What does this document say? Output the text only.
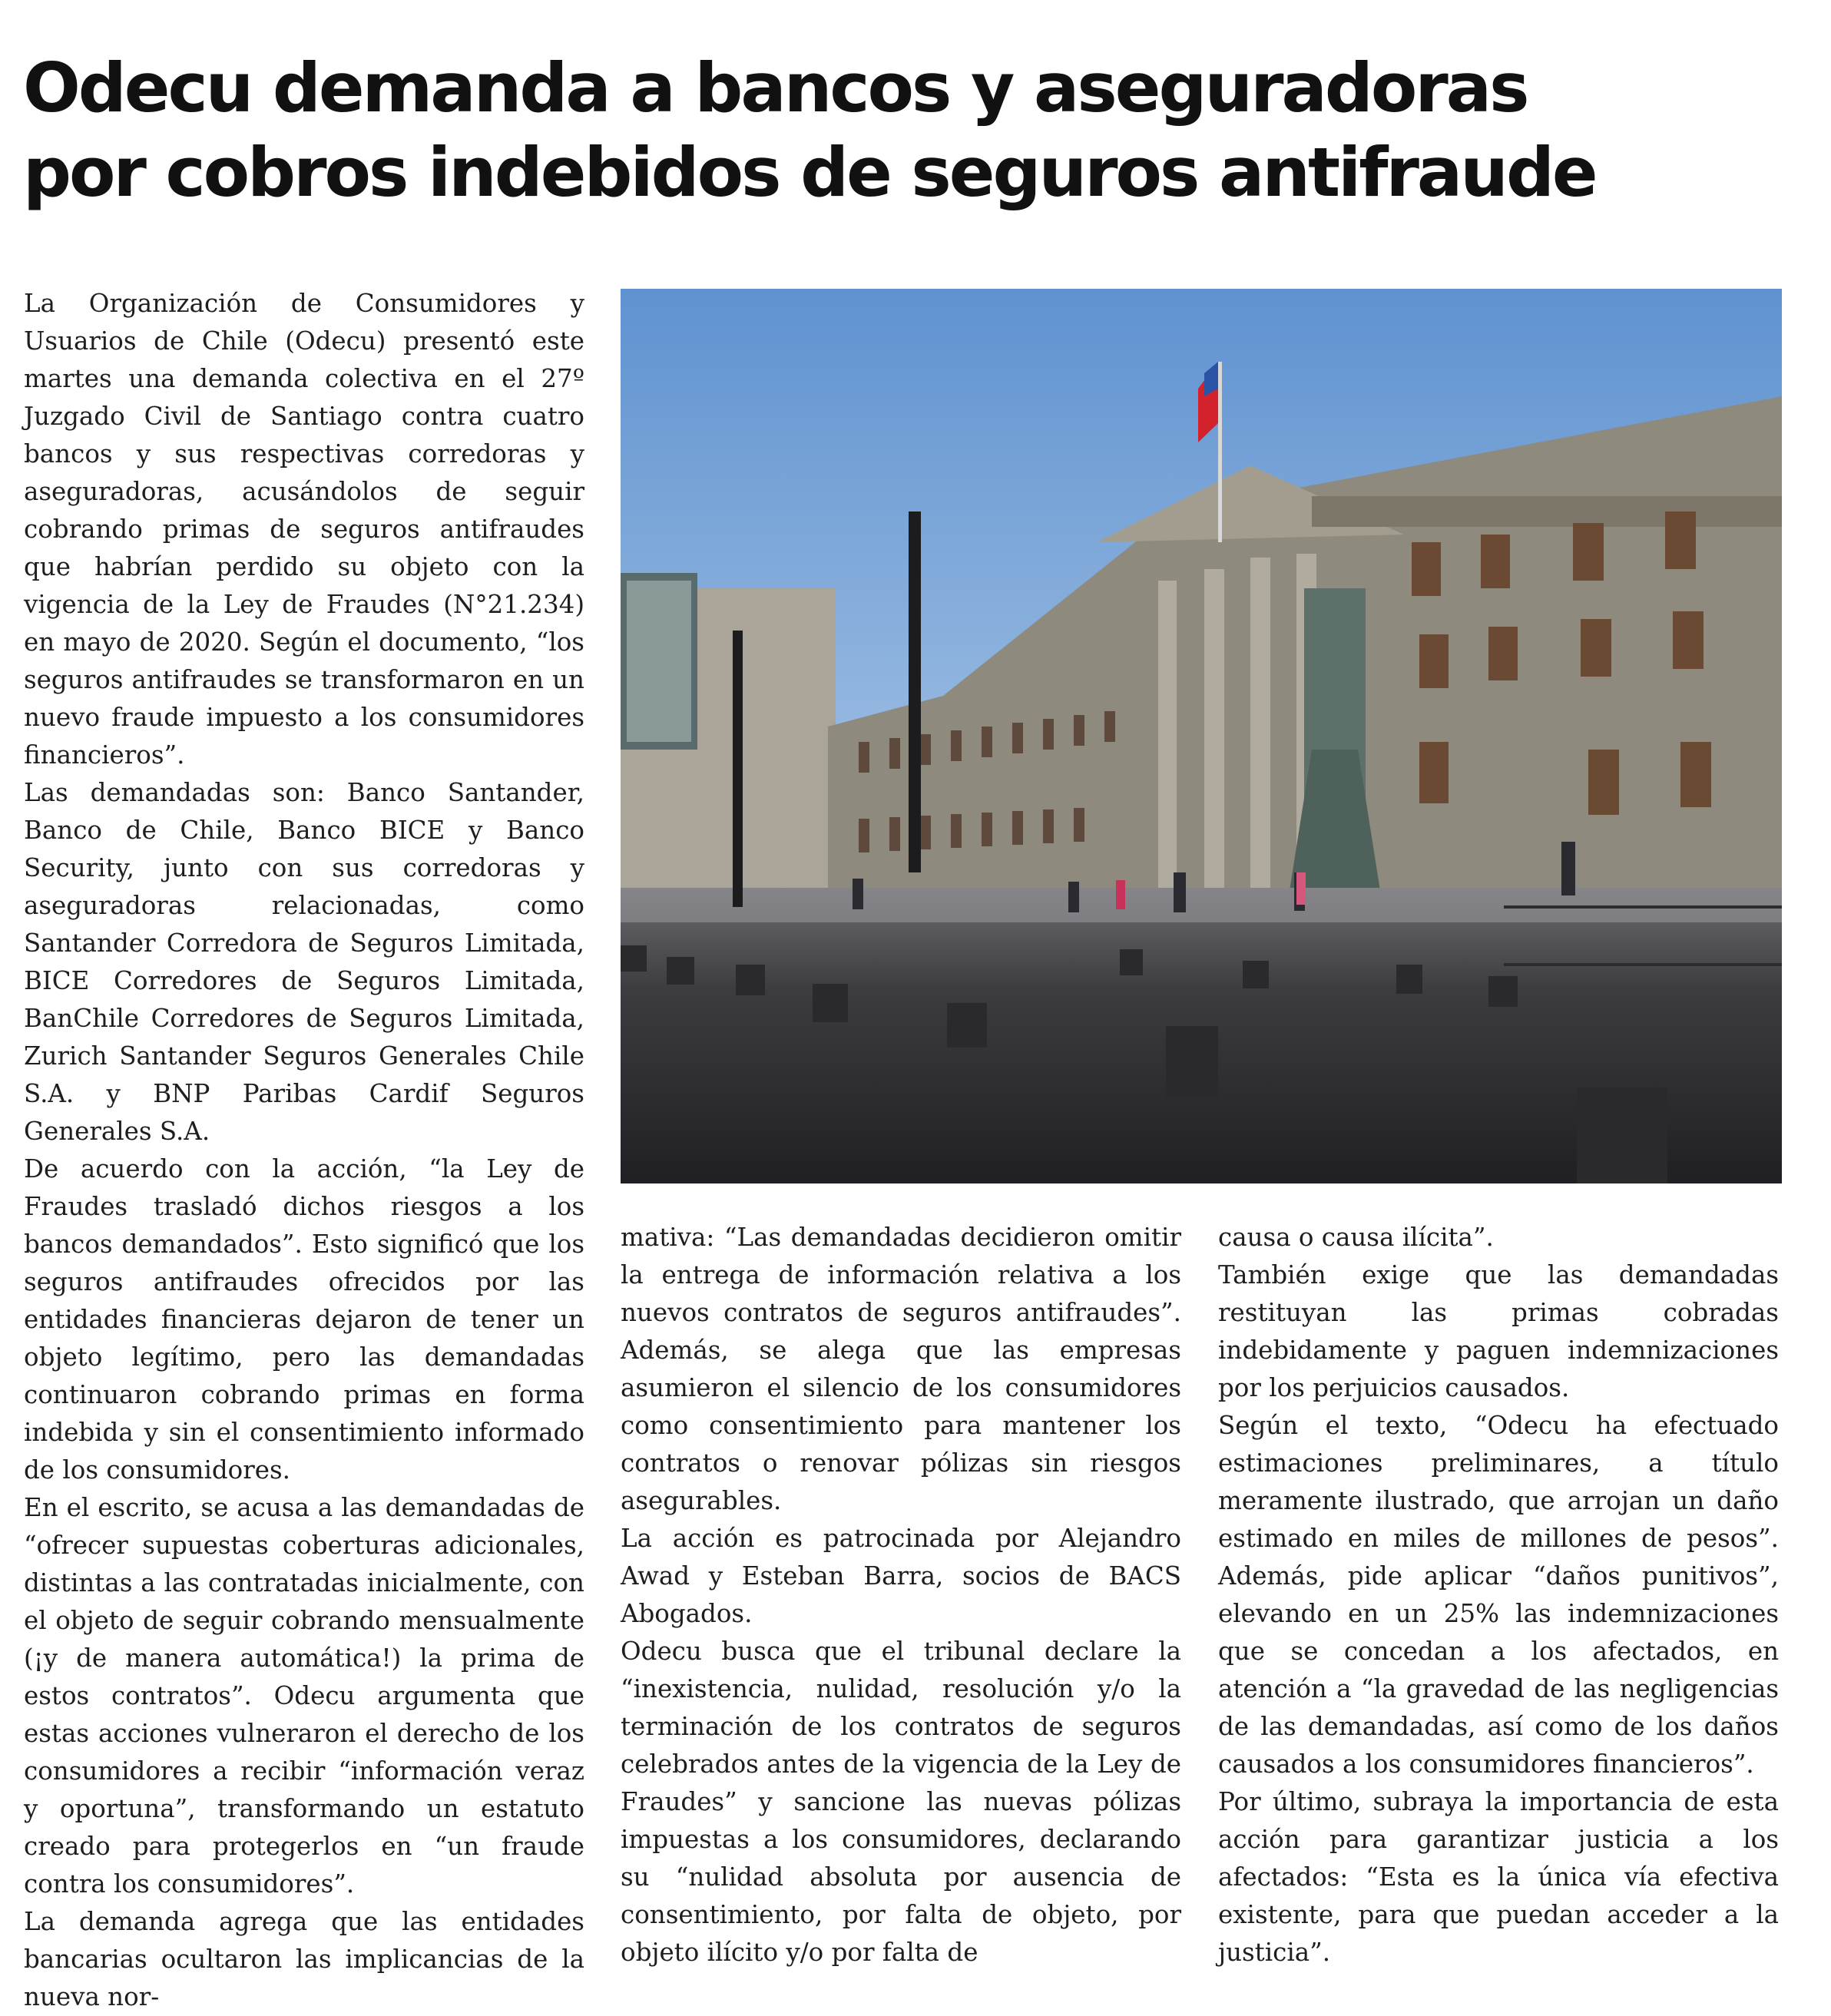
Odecu demanda a bancos y aseguradoras
por cobros indebidos de seguros antifraude

La Organización de Consumidores y Usuarios de Chile (Odecu) presentó este martes una demanda colectiva en el 27º Juzgado Civil de Santiago contra cuatro bancos y sus respectivas corredoras y aseguradoras, acusándolos de seguir cobrando primas de seguros antifraudes que habrían perdido su objeto con la vigencia de la Ley de Fraudes (N°21.234) en mayo de 2020. Según el documento, “los seguros antifraudes se transformaron en un nuevo fraude impuesto a los consumidores financieros”.

Las demandadas son: Banco Santander, Banco de Chile, Banco BICE y Banco Security, junto con sus corredoras y aseguradoras relacionadas, como Santander Corredora de Seguros Limitada, BICE Corredores de Seguros Limitada, BanChile Corredores de Seguros Limitada, Zurich Santander Seguros Generales Chile S.A. y BNP Paribas Cardif Seguros Generales S.A.

De acuerdo con la acción, “la Ley de Fraudes trasladó dichos riesgos a los bancos demandados”. Esto significó que los seguros antifraudes ofrecidos por las entidades financieras dejaron de tener un objeto legítimo, pero las demandadas continuaron cobrando primas en forma indebida y sin el consentimiento informado de los consumidores.

En el escrito, se acusa a las demandadas de “ofrecer supuestas coberturas adicionales, distintas a las contratadas inicialmente, con el objeto de seguir cobrando mensualmente (¡y de manera automática!) la prima de estos contratos”. Odecu argumenta que estas acciones vulneraron el derecho de los consumidores a recibir “información veraz y oportuna”, transformando un estatuto creado para protegerlos en “un fraude contra los consumidores”.

La demanda agrega que las entidades bancarias ocultaron las implicancias de la nueva nor-

mativa: “Las demandadas decidieron omitir la entrega de información relativa a los nuevos contratos de seguros antifraudes”. Además, se alega que las empresas asumieron el silencio de los consumidores como consentimiento para mantener los contratos o renovar pólizas sin riesgos asegurables.

La acción es patrocinada por Alejandro Awad y Esteban Barra, socios de BACS Abogados.

Odecu busca que el tribunal declare la “inexistencia, nulidad, resolución y/o la terminación de los contratos de seguros celebrados antes de la vigencia de la Ley de Fraudes” y sancione las nuevas pólizas impuestas a los consumidores, declarando su “nulidad absoluta por ausencia de consentimiento, por falta de objeto, por objeto ilícito y/o por falta de

causa o causa ilícita”.

También exige que las demandadas restituyan las primas cobradas indebidamente y paguen indemnizaciones por los perjuicios causados.

Según el texto, “Odecu ha efectuado estimaciones preliminares, a título meramente ilustrado, que arrojan un daño estimado en miles de millones de pesos”. Además, pide aplicar “daños punitivos”, elevando en un 25% las indemnizaciones que se concedan a los afectados, en atención a “la gravedad de las negligencias de las demandadas, así como de los daños causados a los consumidores financieros”.

Por último, subraya la importancia de esta acción para garantizar justicia a los afectados: “Esta es la única vía efectiva existente, para que puedan acceder a la justicia”.
